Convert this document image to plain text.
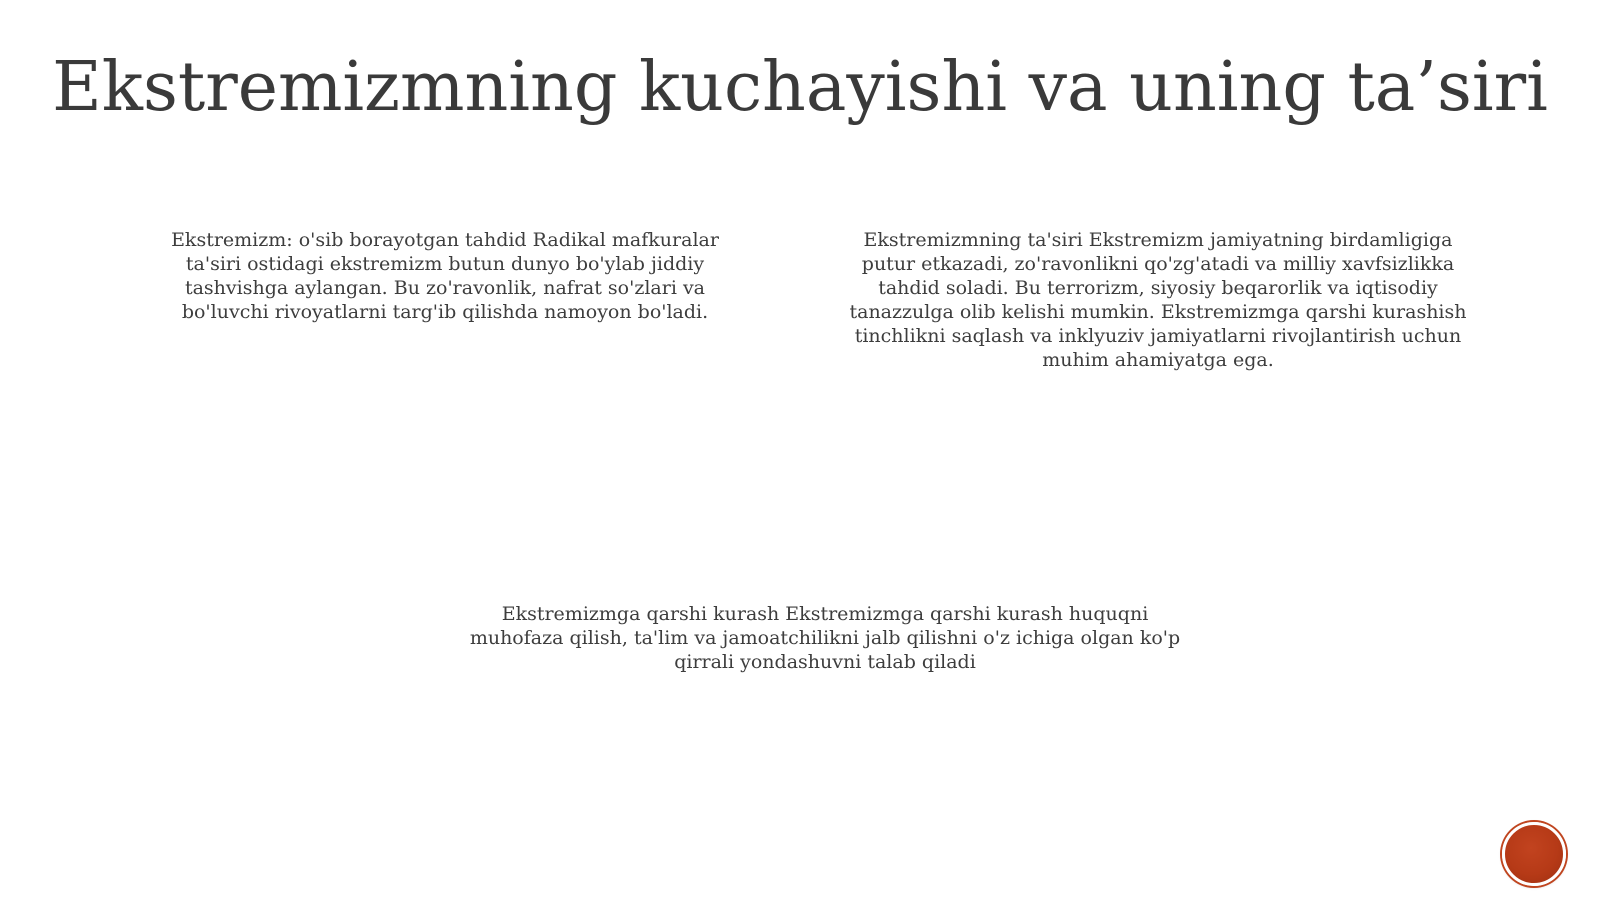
Ekstremizmning kuchayishi va uning ta’siri
Ekstremizm: o'sib borayotgan tahdid Radikal mafkuralar ta'siri ostidagi ekstremizm butun dunyo bo'ylab jiddiy tashvishga aylangan. Bu zo'ravonlik, nafrat so'zlari va bo'luvchi rivoyatlarni targ'ib qilishda namoyon bo'ladi.
Ekstremizmning ta'siri Ekstremizm jamiyatning birdamligiga putur etkazadi, zo'ravonlikni qo'zg'atadi va milliy xavfsizlikka tahdid soladi. Bu terrorizm, siyosiy beqarorlik va iqtisodiy tanazzulga olib kelishi mumkin. Ekstremizmga qarshi kurashish tinchlikni saqlash va inklyuziv jamiyatlarni rivojlantirish uchun muhim ahamiyatga ega.
Ekstremizmga qarshi kurash Ekstremizmga qarshi kurash huquqni muhofaza qilish, ta'lim va jamoatchilikni jalb qilishni o'z ichiga olgan ko'p qirrali yondashuvni talab qiladi
